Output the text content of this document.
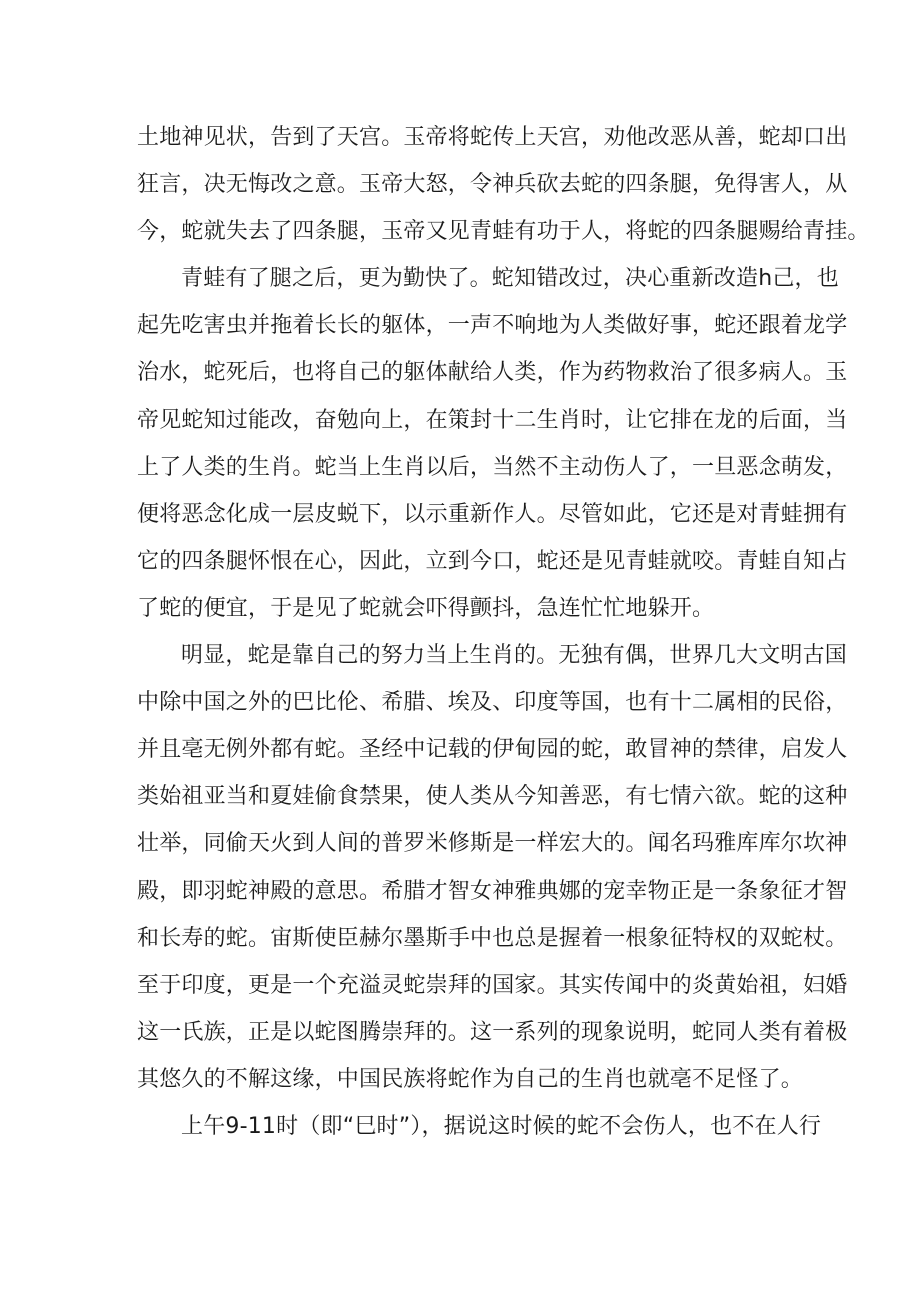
土地神见状，告到了天宫。玉帝将蛇传上天宫，劝他改恶从善，蛇却口出
狂言，决无悔改之意。玉帝大怒，令神兵砍去蛇的四条腿，免得害人，从
今，蛇就失去了四条腿，玉帝又见青蛙有功于人，将蛇的四条腿赐给青挂。
青蛙有了腿之后，更为勤快了。蛇知错改过，决心重新改造h己，也
起先吃害虫并拖着长长的躯体，一声不响地为人类做好事，蛇还跟着龙学
治水，蛇死后，也将自己的躯体献给人类，作为药物救治了很多病人。玉
帝见蛇知过能改，奋勉向上，在策封十二生肖时，让它排在龙的后面，当
上了人类的生肖。蛇当上生肖以后，当然不主动伤人了，一旦恶念萌发，
便将恶念化成一层皮蜕下，以示重新作人。尽管如此，它还是对青蛙拥有
它的四条腿怀恨在心，因此，立到今口，蛇还是见青蛙就咬。青蛙自知占
了蛇的便宜，于是见了蛇就会吓得颤抖，急连忙忙地躲开。
明显，蛇是靠自己的努力当上生肖的。无独有偶，世界几大文明古国
中除中国之外的巴比伦、希腊、埃及、印度等国，也有十二属相的民俗，
并且亳无例外都有蛇。圣经中记载的伊甸园的蛇，敢冒神的禁律，启发人
类始祖亚当和夏娃偷食禁果，使人类从今知善恶，有七情六欲。蛇的这种
壮举，同偷天火到人间的普罗米修斯是一样宏大的。闻名玛雅库库尔坎神
殿，即羽蛇神殿的意思。希腊才智女神雅典娜的宠幸物正是一条象征才智
和长寿的蛇。宙斯使臣赫尔墨斯手中也总是握着一根象征特权的双蛇杖。
至于印度，更是一个充溢灵蛇崇拜的国家。其实传闻中的炎黄始祖，妇婚
这一氏族，正是以蛇图腾崇拜的。这一系列的现象说明，蛇同人类有着极
其悠久的不解这缘，中国民族将蛇作为自己的生肖也就亳不足怪了。
上午9-11时（即“巳时”），据说这时候的蛇不会伤人，也不在人行
